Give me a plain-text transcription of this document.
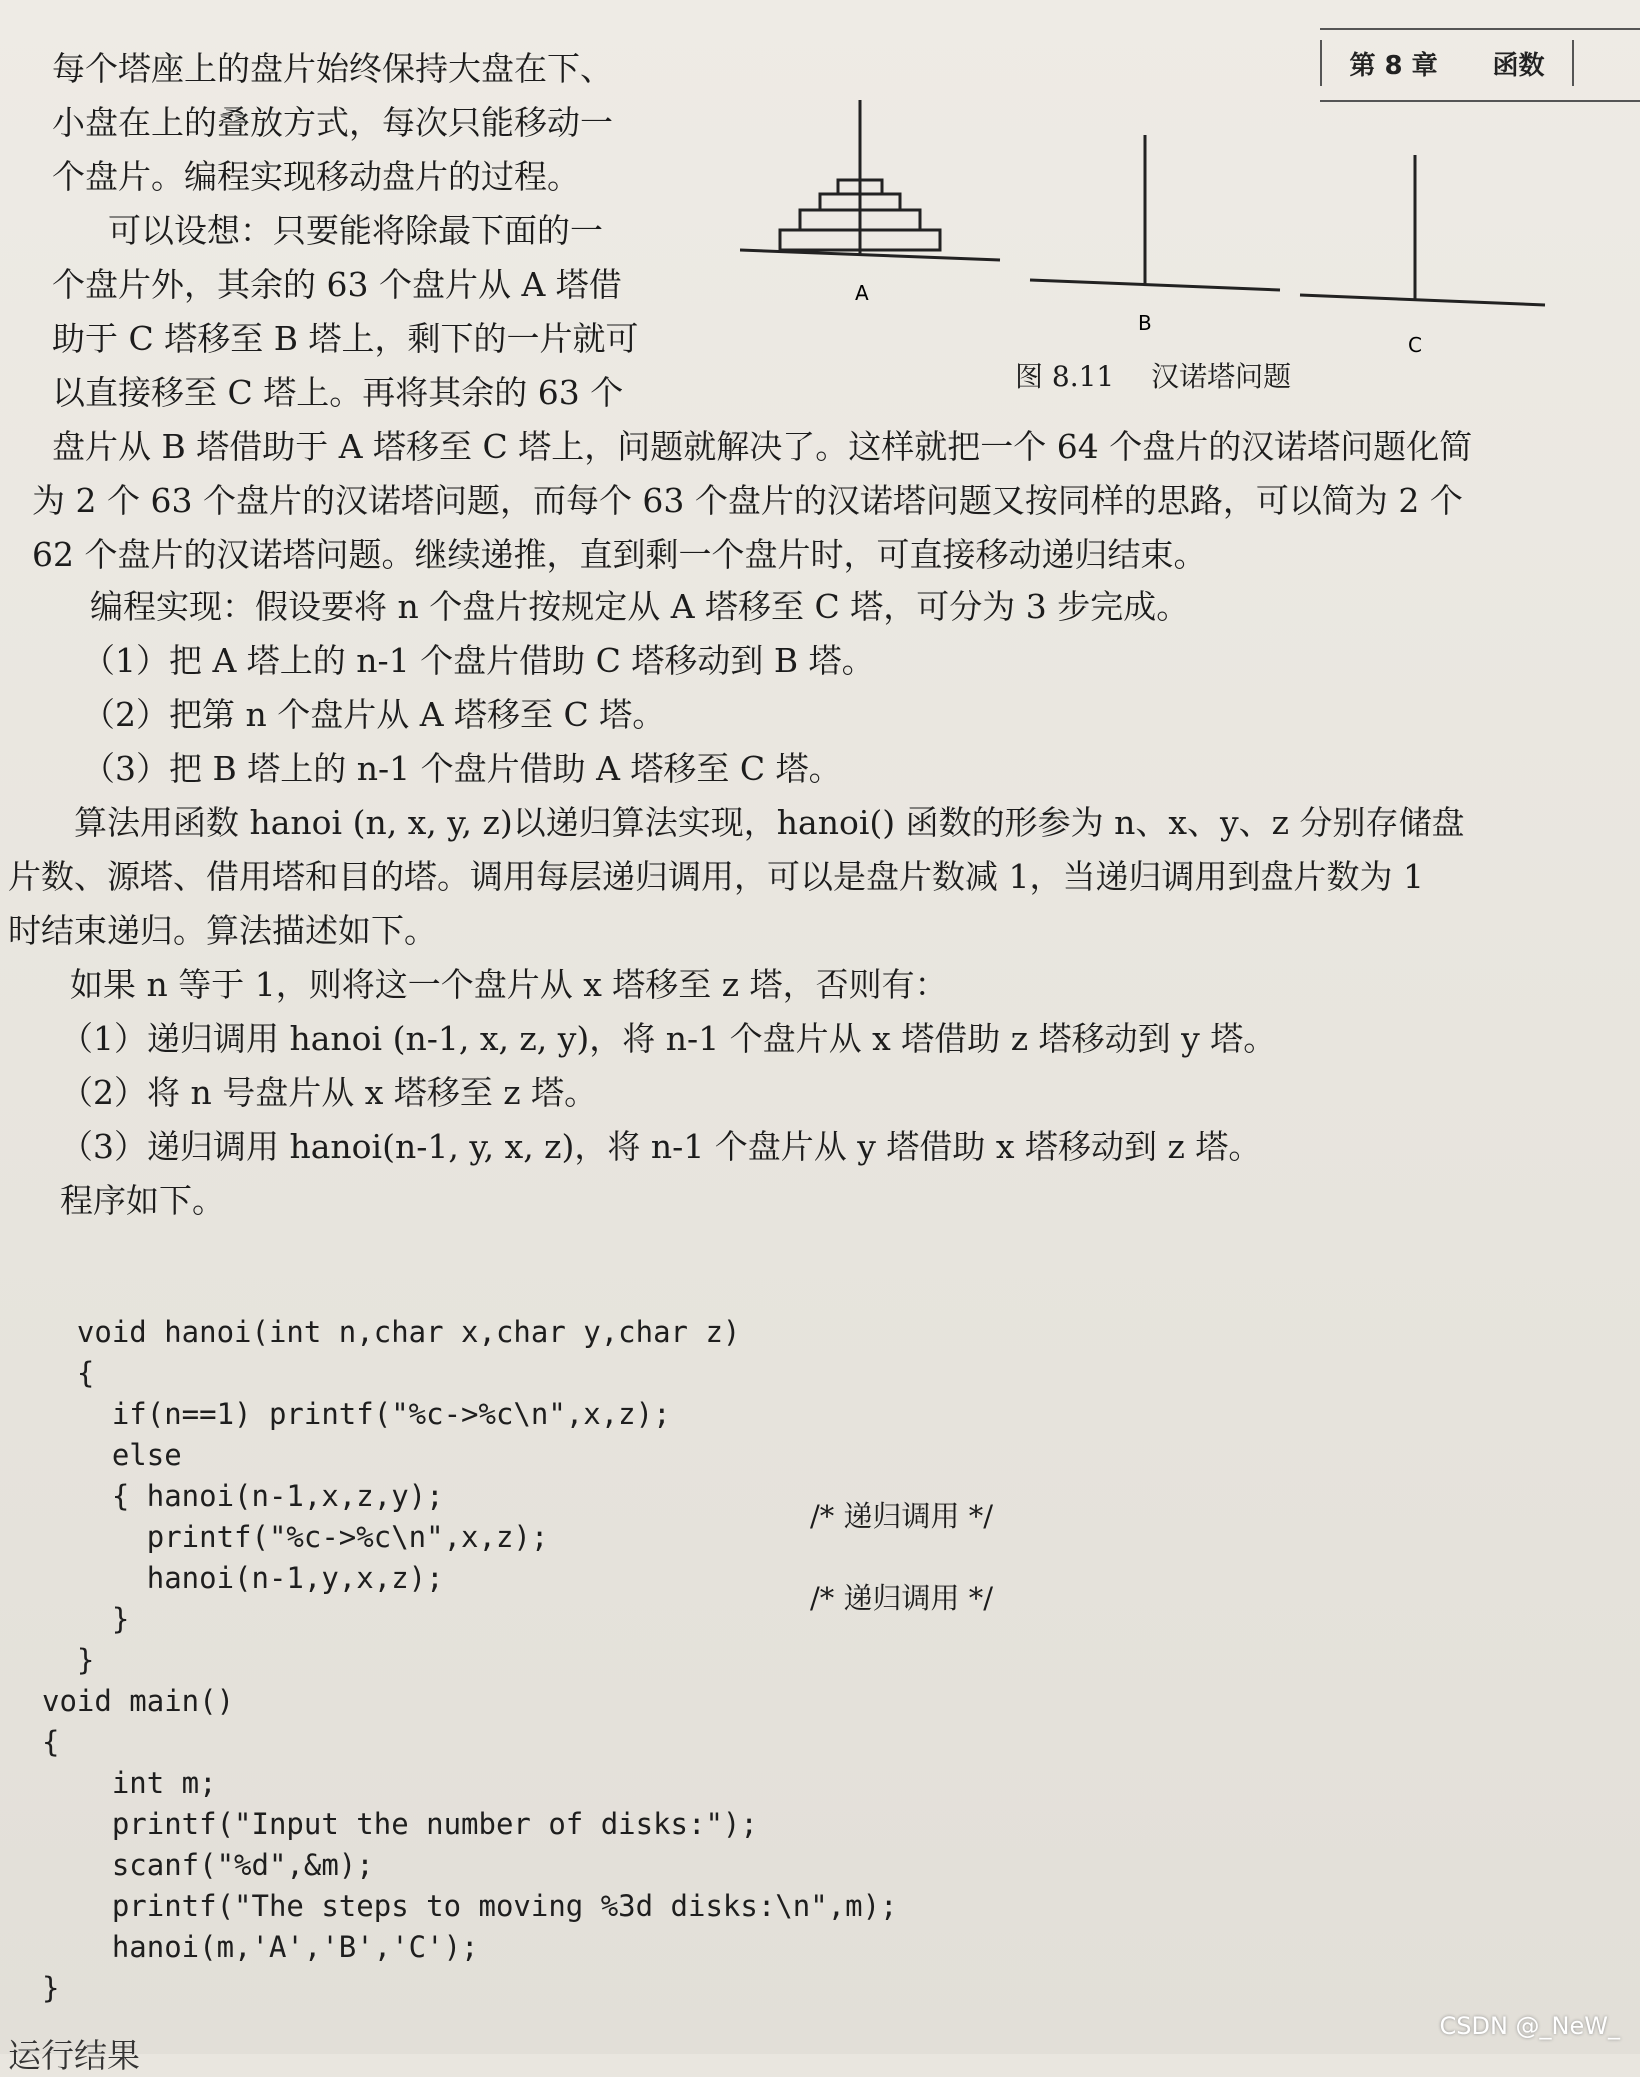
第 8 章 函数
每个塔座上的盘片始终保持大盘在下、
小盘在上的叠放方式，每次只能移动一
个盘片。编程实现移动盘片的过程。
可以设想：只要能将除最下面的一
个盘片外，其余的 63 个盘片从 A 塔借
助于 C 塔移至 B 塔上，剩下的一片就可
以直接移至 C 塔上。再将其余的 63 个
盘片从 B 塔借助于 A 塔移至 C 塔上，问题就解决了。这样就把一个 64 个盘片的汉诺塔问题化简
为 2 个 63 个盘片的汉诺塔问题，而每个 63 个盘片的汉诺塔问题又按同样的思路，可以简为 2 个
62 个盘片的汉诺塔问题。继续递推，直到剩一个盘片时，可直接移动递归结束。
A
B
C
图 8.11 汉诺塔问题
编程实现：假设要将 n 个盘片按规定从 A 塔移至 C 塔，可分为 3 步完成。
（1）把 A 塔上的 n-1 个盘片借助 C 塔移动到 B 塔。
（2）把第 n 个盘片从 A 塔移至 C 塔。
（3）把 B 塔上的 n-1 个盘片借助 A 塔移至 C 塔。
算法用函数 hanoi (n, x, y, z)以递归算法实现，hanoi() 函数的形参为 n、x、y、z 分别存储盘
片数、源塔、借用塔和目的塔。调用每层递归调用，可以是盘片数减 1，当递归调用到盘片数为 1
时结束递归。算法描述如下。
如果 n 等于 1，则将这一个盘片从 x 塔移至 z 塔，否则有：
（1）递归调用 hanoi (n-1, x, z, y)，将 n-1 个盘片从 x 塔借助 z 塔移动到 y 塔。
（2）将 n 号盘片从 x 塔移至 z 塔。
（3）递归调用 hanoi(n-1, y, x, z)，将 n-1 个盘片从 y 塔借助 x 塔移动到 z 塔。
程序如下。
void hanoi(int n,char x,char y,char z)
{
if(n==1) printf("%c->%c\n",x,z);
else
{ hanoi(n-1,x,z,y);
printf("%c->%c\n",x,z);
hanoi(n-1,y,x,z);
}
}
void main()
{
int m;
printf("Input the number of disks:");
scanf("%d",&m);
printf("The steps to moving %3d disks:\n",m);
hanoi(m,'A','B','C');
}
/* 递归调用 */
/* 递归调用 */
运行结果
CSDN @_NeW_
